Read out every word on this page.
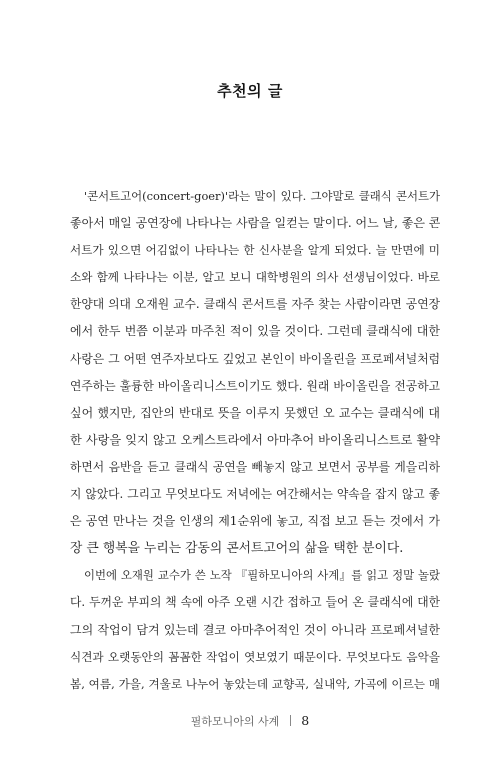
추천의 글
'콘서트고어(concert-goer)'라는 말이 있다. 그야말로 클래식 콘서트가
좋아서 매일 공연장에 나타나는 사람을 일컫는 말이다. 어느 날, 좋은 콘
서트가 있으면 어김없이 나타나는 한 신사분을 알게 되었다. 늘 만면에 미
소와 함께 나타나는 이분, 알고 보니 대학병원의 의사 선생님이었다. 바로
한양대 의대 오재원 교수. 클래식 콘서트를 자주 찾는 사람이라면 공연장
에서 한두 번쯤 이분과 마주친 적이 있을 것이다. 그런데 클래식에 대한
사랑은 그 어떤 연주자보다도 깊었고 본인이 바이올린을 프로페셔널처럼
연주하는 훌륭한 바이올리니스트이기도 했다. 원래 바이올린을 전공하고
싶어 했지만, 집안의 반대로 뜻을 이루지 못했던 오 교수는 클래식에 대
한 사랑을 잊지 않고 오케스트라에서 아마추어 바이올리니스트로 활약
하면서 음반을 듣고 클래식 공연을 빼놓지 않고 보면서 공부를 게을리하
지 않았다. 그리고 무엇보다도 저녁에는 여간해서는 약속을 잡지 않고 좋
은 공연 만나는 것을 인생의 제1순위에 놓고, 직접 보고 듣는 것에서 가
장 큰 행복을 누리는 감동의 콘서트고어의 삶을 택한 분이다.
이번에 오재원 교수가 쓴 노작 『필하모니아의 사계』를 읽고 정말 놀랐
다. 두꺼운 부피의 책 속에 아주 오랜 시간 접하고 들어 온 클래식에 대한
그의 작업이 담겨 있는데 결코 아마추어적인 것이 아니라 프로페셔널한
식견과 오랫동안의 꼼꼼한 작업이 엿보였기 때문이다. 무엇보다도 음악을
봄, 여름, 가을, 겨울로 나누어 놓았는데 교향곡, 실내악, 가곡에 이르는 매
필하모니아의 사계 8
